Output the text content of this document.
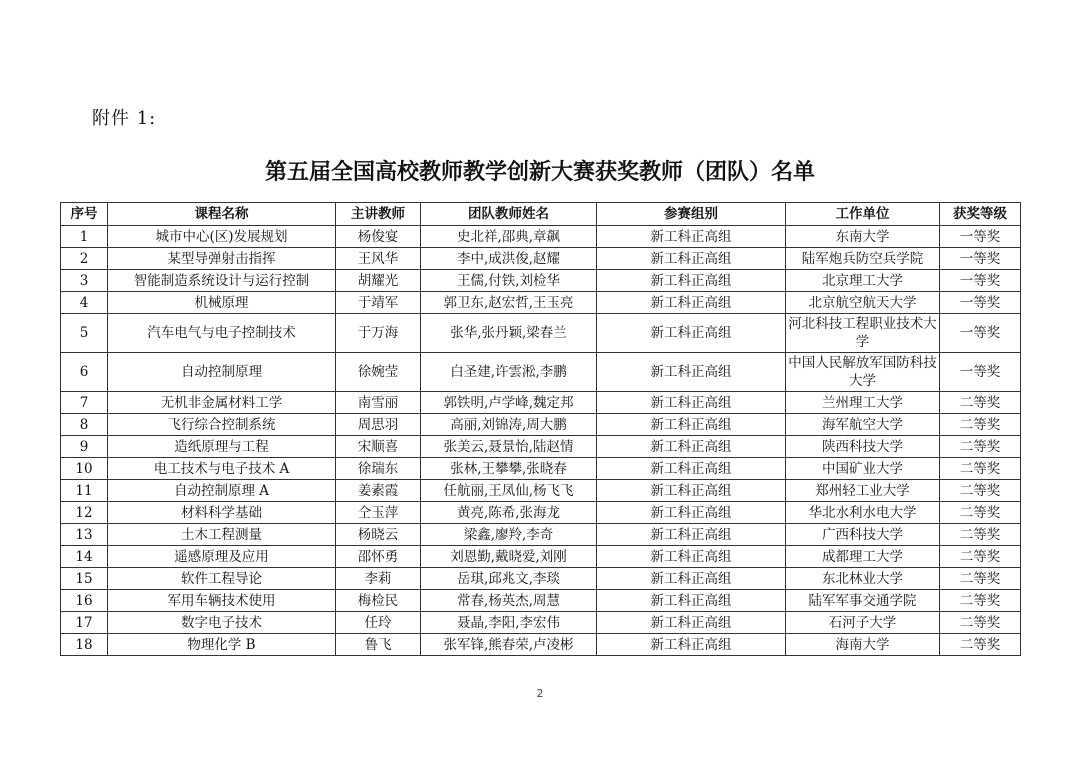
附件 1:
第五届全国高校教师教学创新大赛获奖教师（团队）名单
序号	课程名称	主讲教师	团队教师姓名	参赛组别	工作单位	获奖等级
1	城市中心(区)发展规划	杨俊宴	史北祥,邵典,章飙	新工科正高组	东南大学	一等奖
2	某型导弹射击指挥	王风华	李中,成洪俊,赵耀	新工科正高组	陆军炮兵防空兵学院	一等奖
3	智能制造系统设计与运行控制	胡耀光	王儒,付铁,刘检华	新工科正高组	北京理工大学	一等奖
4	机械原理	于靖军	郭卫东,赵宏哲,王玉亮	新工科正高组	北京航空航天大学	一等奖
5	汽车电气与电子控制技术	于万海	张华,张丹颖,梁春兰	新工科正高组	河北科技工程职业技术大学	一等奖
6	自动控制原理	徐婉莹	白圣建,许雲淞,李鹏	新工科正高组	中国人民解放军国防科技大学	一等奖
7	无机非金属材料工学	南雪丽	郭铁明,卢学峰,魏定邦	新工科正高组	兰州理工大学	二等奖
8	飞行综合控制系统	周思羽	高丽,刘锦涛,周大鹏	新工科正高组	海军航空大学	二等奖
9	造纸原理与工程	宋顺喜	张美云,聂景怡,陆赵情	新工科正高组	陕西科技大学	二等奖
10	电工技术与电子技术 A	徐瑞东	张林,王攀攀,张晓春	新工科正高组	中国矿业大学	二等奖
11	自动控制原理 A	姜素霞	任航丽,王凤仙,杨飞飞	新工科正高组	郑州轻工业大学	二等奖
12	材料科学基础	仝玉萍	黄亮,陈希,张海龙	新工科正高组	华北水利水电大学	二等奖
13	土木工程测量	杨晓云	梁鑫,廖羚,李奇	新工科正高组	广西科技大学	二等奖
14	遥感原理及应用	邵怀勇	刘恩勤,戴晓爱,刘刚	新工科正高组	成都理工大学	二等奖
15	软件工程导论	李莉	岳琪,邱兆文,李琰	新工科正高组	东北林业大学	二等奖
16	军用车辆技术使用	梅检民	常春,杨英杰,周慧	新工科正高组	陆军军事交通学院	二等奖
17	数字电子技术	任玲	聂晶,李阳,李宏伟	新工科正高组	石河子大学	二等奖
18	物理化学 B	鲁飞	张军锋,熊春荣,卢凌彬	新工科正高组	海南大学	二等奖
2
